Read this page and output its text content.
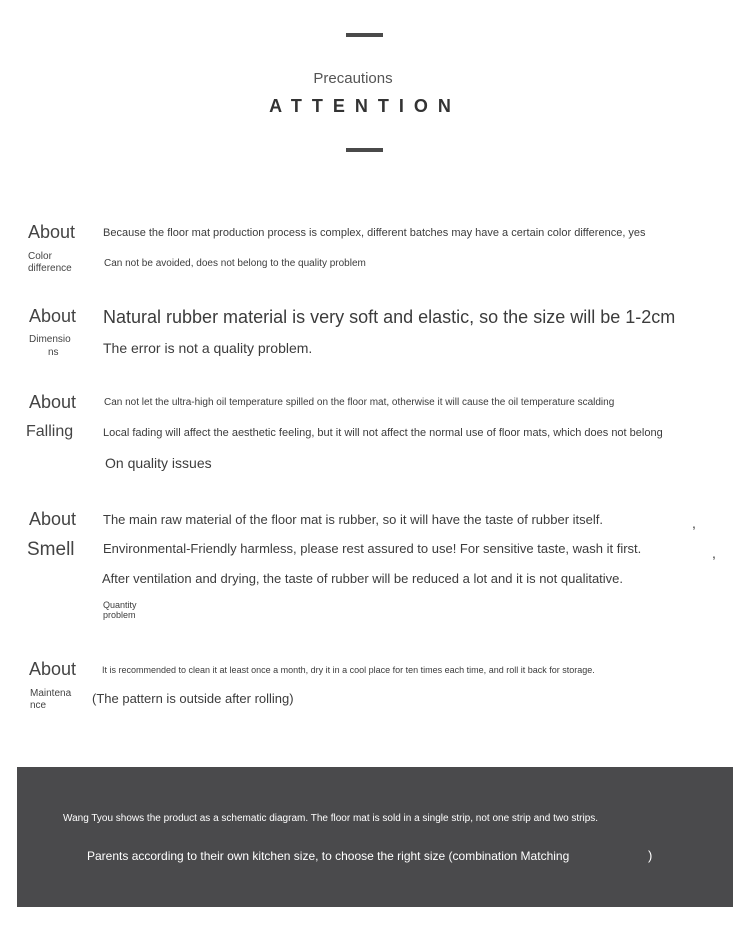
Precautions
ATTENTION
About
Color
difference
Because the floor mat production process is complex, different batches may have a certain color difference, yes
Can not be avoided, does not belong to the quality problem
About
Dimensio
ns
Natural rubber material is very soft and elastic, so the size will be 1-2cm
The error is not a quality problem.
About
Falling
Can not let the ultra-high oil temperature spilled on the floor mat, otherwise it will cause the oil temperature scalding
Local fading will affect the aesthetic feeling, but it will not affect the normal use of floor mats, which does not belong
On quality issues
About
Smell
The main raw material of the floor mat is rubber, so it will have the taste of rubber itself.
Environmental-Friendly harmless, please rest assured to use! For sensitive taste, wash it first.
After ventilation and drying, the taste of rubber will be reduced a lot and it is not qualitative.
,
,
Quantity
problem
About
Maintena
nce
It is recommended to clean it at least once a month, dry it in a cool place for ten times each time, and roll it back for storage.
(The pattern is outside after rolling)
Wang Tyou shows the product as a schematic diagram. The floor mat is sold in a single strip, not one strip and two strips.
Parents according to their own kitchen size, to choose the right size (combination Matching	)
